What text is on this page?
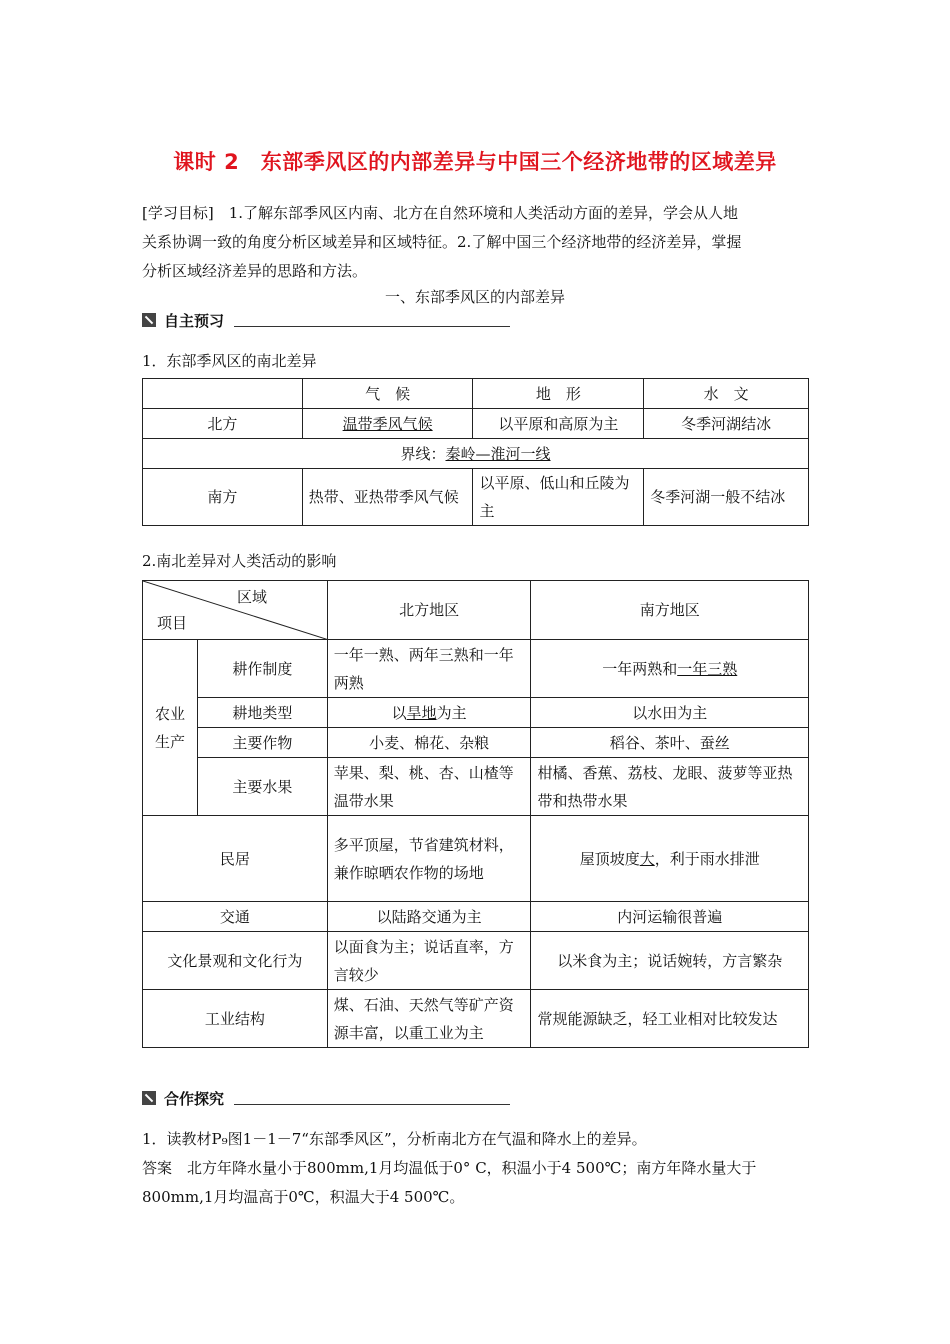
课时 2　东部季风区的内部差异与中国三个经济地带的区域差异
[学习目标]　1.了解东部季风区内南、北方在自然环境和人类活动方面的差异，学会从人地
关系协调一致的角度分析区域差异和区域特征。2.了解中国三个经济地带的经济差异，掌握
分析区域经济差异的思路和方法。
一、东部季风区的内部差异
自主预习
1．东部季风区的南北差异
	气　候	地　形	水　文
北方	温带季风气候	以平原和高原为主	冬季河湖结冰
界线：秦岭—淮河一线			
南方	热带、亚热带季风气候	以平原、低山和丘陵为主	冬季河湖一般不结冰
2.南北差异对人类活动的影响
区域
项目		北方地区	南方地区
农业生产	耕作制度	一年一熟、两年三熟和一年两熟	一年两熟和一年三熟
	耕地类型	以旱地为主	以水田为主
	主要作物	小麦、棉花、杂粮	稻谷、茶叶、蚕丝
	主要水果	苹果、梨、桃、杏、山楂等温带水果	柑橘、香蕉、荔枝、龙眼、菠萝等亚热带和热带水果
民居		多平顶屋，节省建筑材料，兼作晾晒农作物的场地	屋顶坡度大，利于雨水排泄
交通		以陆路交通为主	内河运输很普遍
文化景观和文化行为		以面食为主；说话直率，方言较少	以米食为主；说话婉转，方言繁杂
工业结构		煤、石油、天然气等矿产资源丰富，以重工业为主	常规能源缺乏，轻工业相对比较发达
合作探究
1．读教材P₉图1－1－7“东部季风区”，分析南北方在气温和降水上的差异。
答案　北方年降水量小于800mm,1月均温低于0° C，积温小于4 500℃；南方年降水量大于
800mm,1月均温高于0℃，积温大于4 500℃。
